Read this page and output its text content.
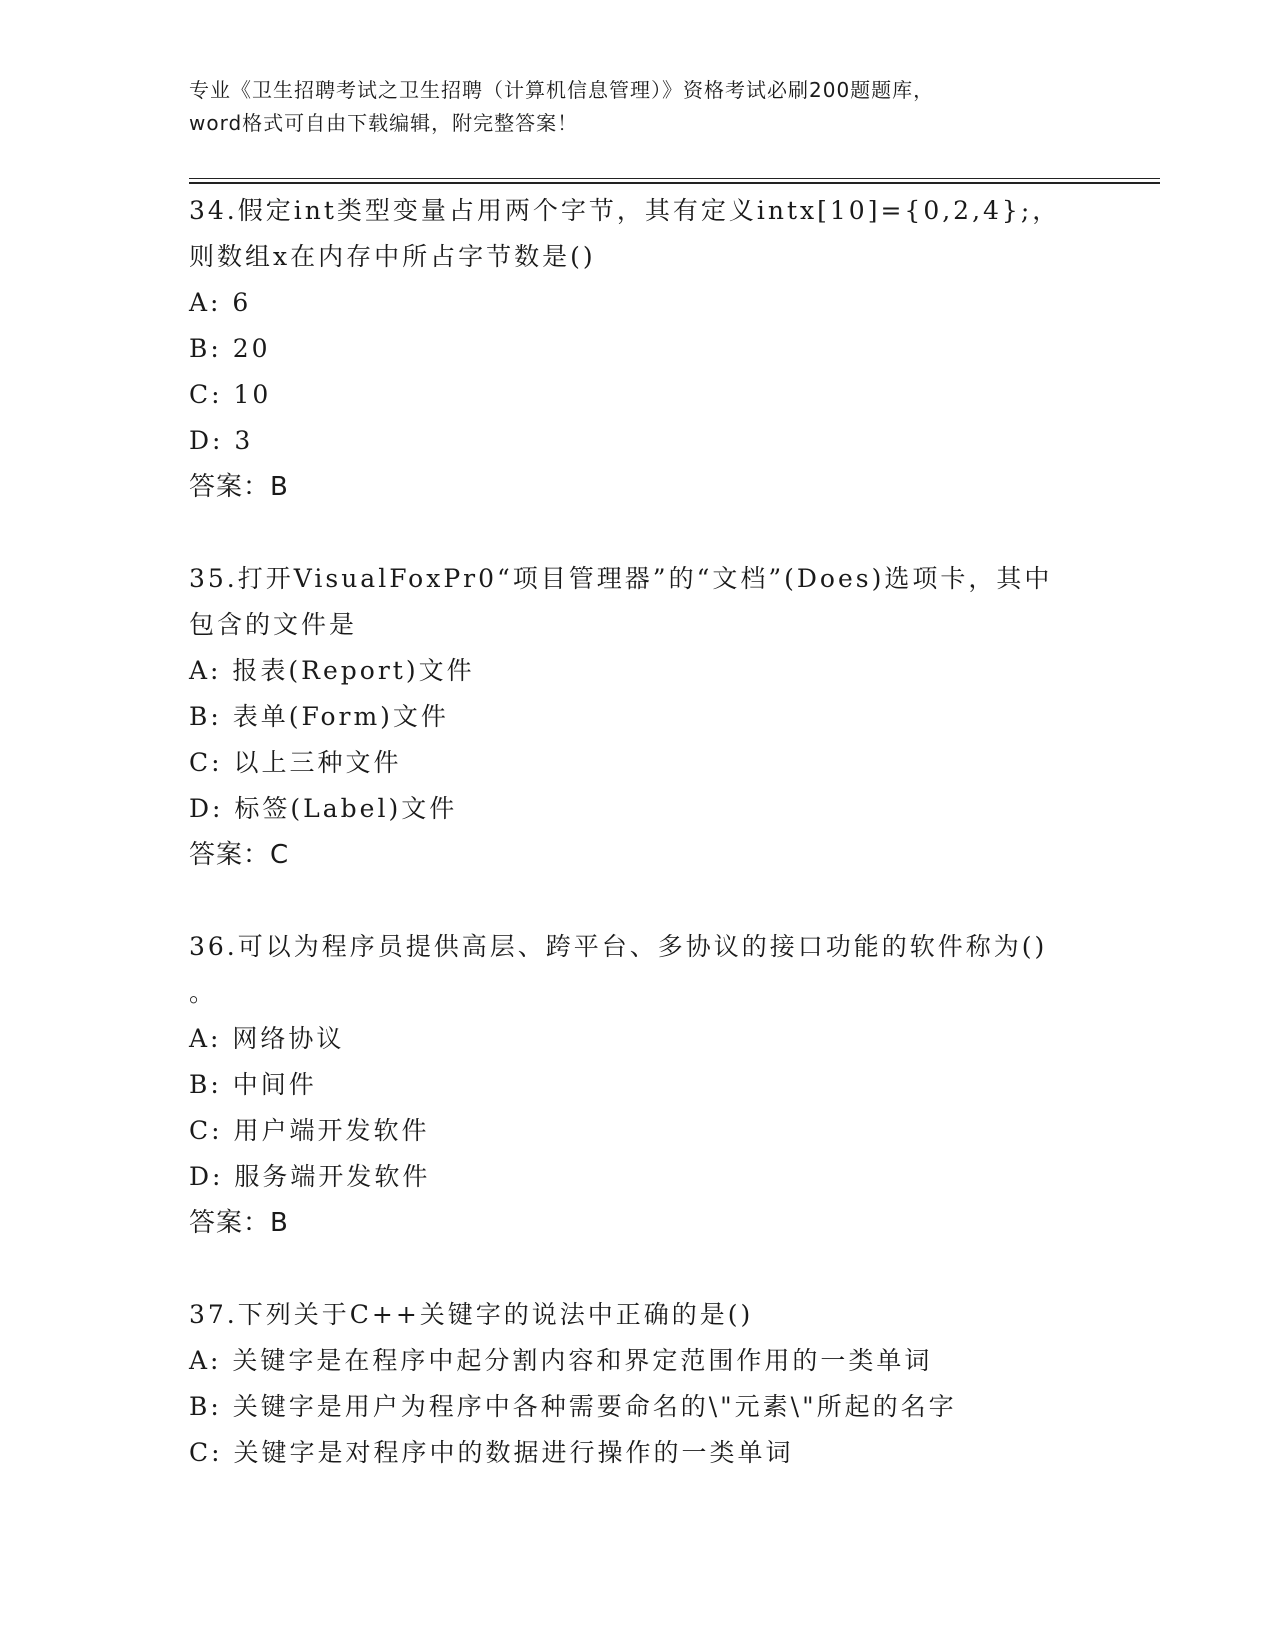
专业《卫生招聘考试之卫生招聘（计算机信息管理）》资格考试必刷200题题库，
word格式可自由下载编辑，附完整答案！
34.假定int类型变量占用两个字节，其有定义intx[10]={0,2,4};，
则数组x在内存中所占字节数是()
A: 6
B: 20
C: 10
D: 3
答案：B
35.打开VisualFoxPr0“项目管理器”的“文档”(Does)选项卡，其中
包含的文件是
A: 报表(Report)文件
B: 表单(Form)文件
C: 以上三种文件
D: 标签(Label)文件
答案：C
36.可以为程序员提供高层、跨平台、多协议的接口功能的软件称为()
。
A: 网络协议
B: 中间件
C: 用户端开发软件
D: 服务端开发软件
答案：B
37.下列关于C++关键字的说法中正确的是()
A: 关键字是在程序中起分割内容和界定范围作用的一类单词
B: 关键字是用户为程序中各种需要命名的\"元素\"所起的名字
C: 关键字是对程序中的数据进行操作的一类单词
